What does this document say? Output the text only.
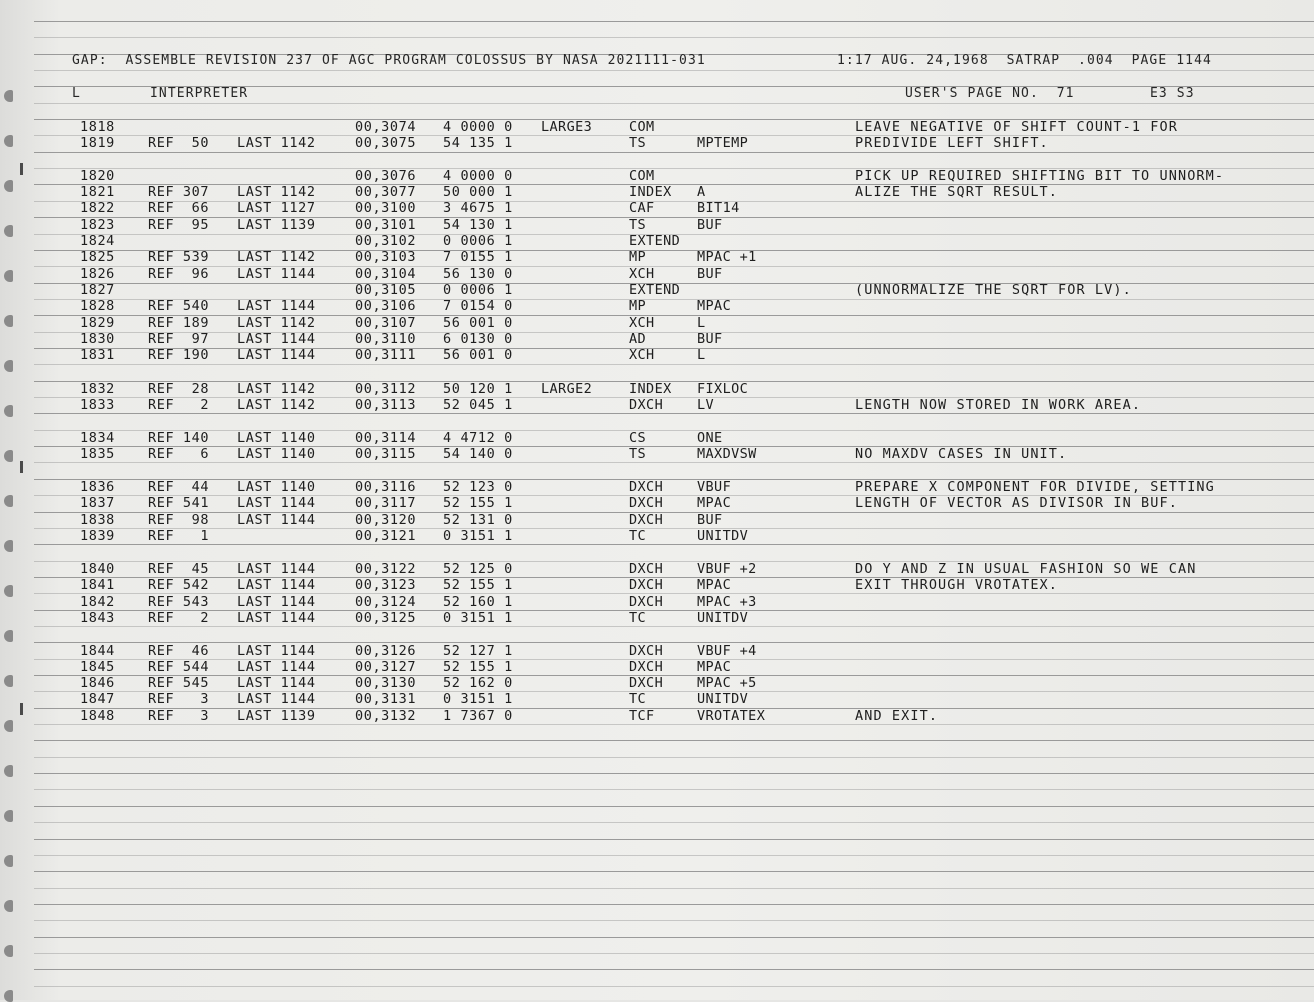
GAP:  ASSEMBLE REVISION 237 OF AGC PROGRAM COLOSSUS BY NASA 2021111-031	1:17 AUG. 24,1968  SATRAP  .004  PAGE 1144
L	INTERPRETER	USER'S PAGE NO.  71	E3 S3
1818	00,3074 4 0000 0 LARGE3	COM	LEAVE NEGATIVE OF SHIFT COUNT-1 FOR
1819 REF  50 LAST 1142	00,3075 54 135 1	TS	MPTEMP	PREDIVIDE LEFT SHIFT.
1820	00,3076 4 0000 0	COM	PICK UP REQUIRED SHIFTING BIT TO UNNORM-
1821 REF 307 LAST 1142	00,3077 50 000 1	INDEX A	ALIZE THE SQRT RESULT.
1822 REF  66 LAST 1127	00,3100 3 4675 1	CAF	BIT14
1823 REF  95 LAST 1139	00,3101 54 130 1	TS	BUF
1824	00,3102 0 0006 1	EXTEND
1825 REF 539 LAST 1142	00,3103 7 0155 1	MP	MPAC +1
1826 REF  96 LAST 1144	00,3104 56 130 0	XCH	BUF
1827	00,3105 0 0006 1	EXTEND	(UNNORMALIZE THE SQRT FOR LV).
1828 REF 540 LAST 1144	00,3106 7 0154 0	MP	MPAC
1829 REF 189 LAST 1142	00,3107 56 001 0	XCH	L
1830 REF  97 LAST 1144	00,3110 6 0130 0	AD	BUF
1831 REF 190 LAST 1144	00,3111 56 001 0	XCH	L
1832 REF  28 LAST 1142	00,3112 50 120 1 LARGE2	INDEX FIXLOC
1833 REF   2 LAST 1142	00,3113 52 045 1	DXCH	LV	LENGTH NOW STORED IN WORK AREA.
1834 REF 140 LAST 1140	00,3114 4 4712 0	CS	ONE
1835 REF   6 LAST 1140	00,3115 54 140 0	TS	MAXDVSW	NO MAXDV CASES IN UNIT.
1836 REF  44 LAST 1140	00,3116 52 123 0	DXCH	VBUF	PREPARE X COMPONENT FOR DIVIDE, SETTING
1837 REF 541 LAST 1144	00,3117 52 155 1	DXCH	MPAC	LENGTH OF VECTOR AS DIVISOR IN BUF.
1838 REF  98 LAST 1144	00,3120 52 131 0	DXCH	BUF
1839 REF   1	00,3121 0 3151 1	TC	UNITDV
1840 REF  45 LAST 1144	00,3122 52 125 0	DXCH	VBUF +2	DO Y AND Z IN USUAL FASHION SO WE CAN
1841 REF 542 LAST 1144	00,3123 52 155 1	DXCH	MPAC	EXIT THROUGH VROTATEX.
1842 REF 543 LAST 1144	00,3124 52 160 1	DXCH	MPAC +3
1843 REF   2 LAST 1144	00,3125 0 3151 1	TC	UNITDV
1844 REF  46 LAST 1144	00,3126 52 127 1	DXCH	VBUF +4
1845 REF 544 LAST 1144	00,3127 52 155 1	DXCH	MPAC
1846 REF 545 LAST 1144	00,3130 52 162 0	DXCH	MPAC +5
1847 REF   3 LAST 1144	00,3131 0 3151 1	TC	UNITDV
1848 REF   3 LAST 1139	00,3132 1 7367 0	TCF	VROTATEX	AND EXIT.
